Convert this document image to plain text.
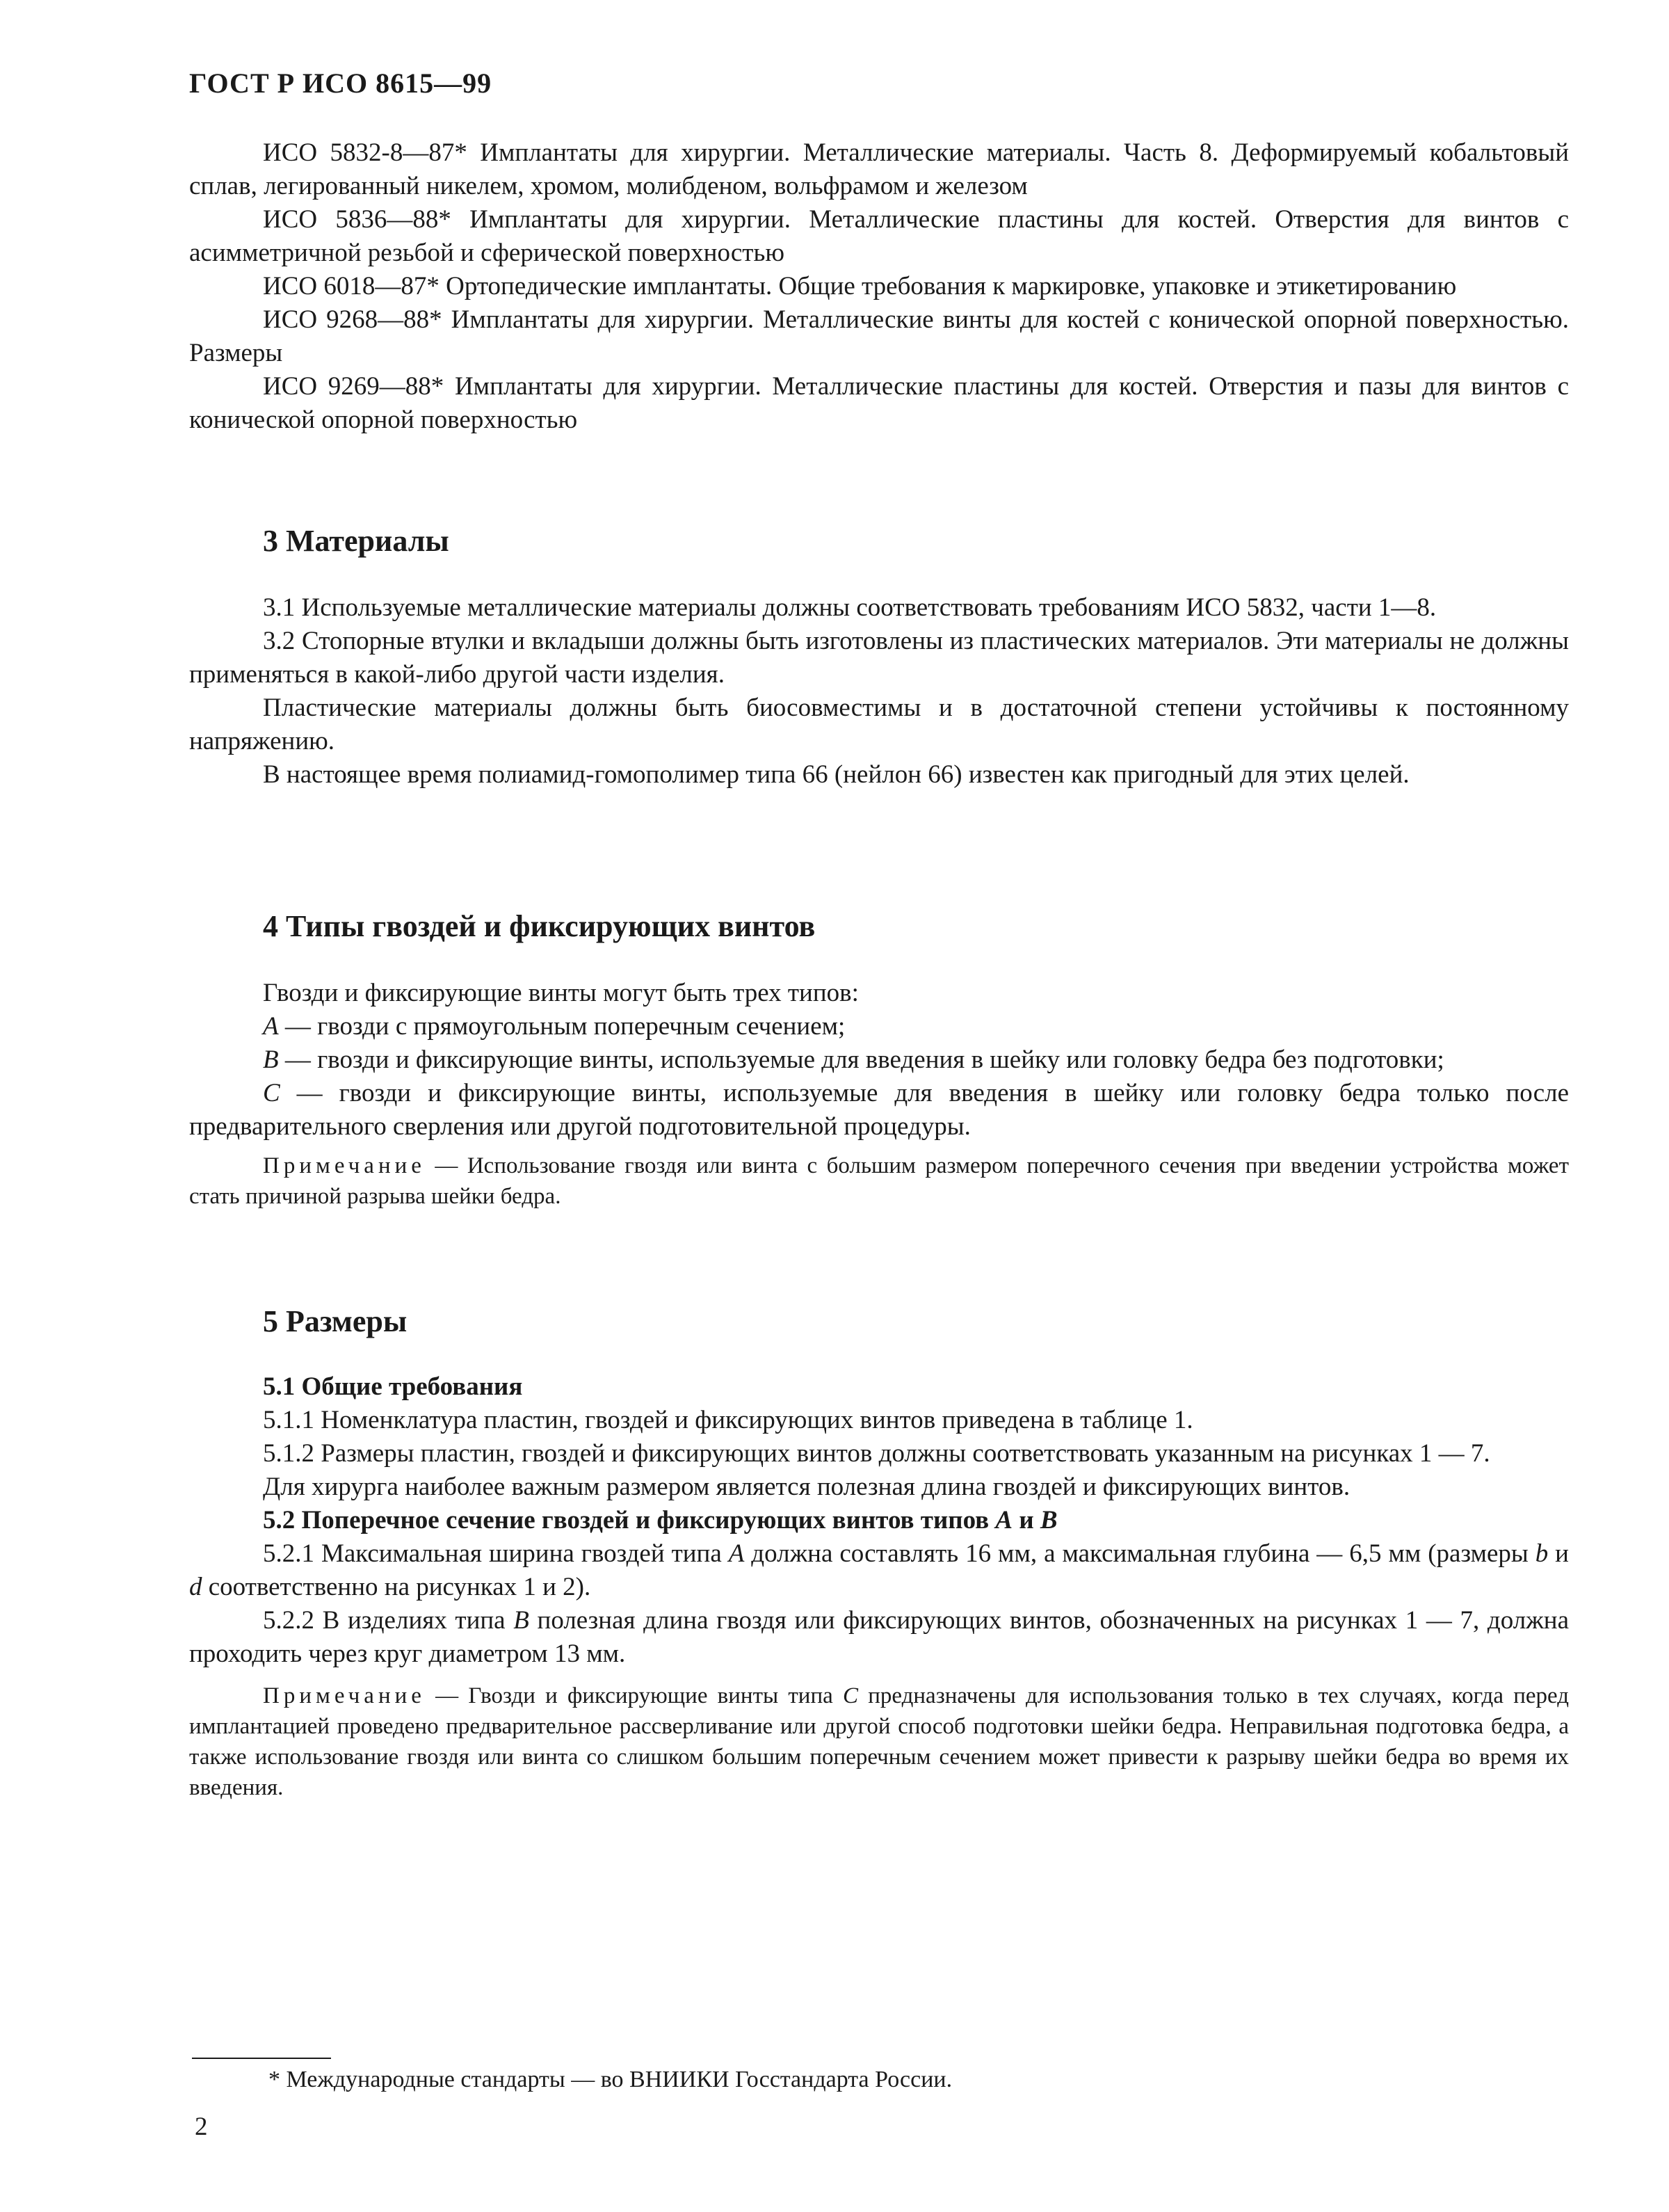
ГОСТ Р ИСО 8615—99

ИСО 5832-8—87* Имплантаты для хирургии. Металлические материалы. Часть 8. Деформируемый кобальтовый сплав, легированный никелем, хромом, молибденом, вольфрамом и железом

ИСО 5836—88* Имплантаты для хирургии. Металлические пластины для костей. Отверстия для винтов с асимметричной резьбой и сферической поверхностью

ИСО 6018—87* Ортопедические имплантаты. Общие требования к маркировке, упаковке и этикетированию

ИСО 9268—88* Имплантаты для хирургии. Металлические винты для костей с конической опорной поверхностью. Размеры

ИСО 9269—88* Имплантаты для хирургии. Металлические пластины для костей. Отверстия и пазы для винтов с конической опорной поверхностью

3 Материалы

3.1 Используемые металлические материалы должны соответствовать требованиям ИСО 5832, части 1—8.

3.2 Стопорные втулки и вкладыши должны быть изготовлены из пластических материалов. Эти материалы не должны применяться в какой-либо другой части изделия.

Пластические материалы должны быть биосовместимы и в достаточной степени устойчивы к постоянному напряжению.

В настоящее время полиамид-гомополимер типа 66 (нейлон 66) известен как пригодный для этих целей.

4 Типы гвоздей и фиксирующих винтов

Гвозди и фиксирующие винты могут быть трех типов:

A — гвозди с прямоугольным поперечным сечением;

B — гвозди и фиксирующие винты, используемые для введения в шейку или головку бедра без подготовки;

C — гвозди и фиксирующие винты, используемые для введения в шейку или головку бедра только после предварительного сверления или другой подготовительной процедуры.

Примечание — Использование гвоздя или винта с большим размером поперечного сечения при введении устройства может стать причиной разрыва шейки бедра.

5 Размеры

5.1 Общие требования

5.1.1 Номенклатура пластин, гвоздей и фиксирующих винтов приведена в таблице 1.

5.1.2 Размеры пластин, гвоздей и фиксирующих винтов должны соответствовать указанным на рисунках 1 — 7.

Для хирурга наиболее важным размером является полезная длина гвоздей и фиксирующих винтов.

5.2 Поперечное сечение гвоздей и фиксирующих винтов типов A и B

5.2.1 Максимальная ширина гвоздей типа A должна составлять 16 мм, а максимальная глубина — 6,5 мм (размеры b и d соответственно на рисунках 1 и 2).

5.2.2 В изделиях типа B полезная длина гвоздя или фиксирующих винтов, обозначенных на рисунках 1 — 7, должна проходить через круг диаметром 13 мм.

Примечание — Гвозди и фиксирующие винты типа C предназначены для использования только в тех случаях, когда перед имплантацией проведено предварительное рассверливание или другой способ подготовки шейки бедра. Неправильная подготовка бедра, а также использование гвоздя или винта со слишком большим поперечным сечением может привести к разрыву шейки бедра во время их введения.

* Международные стандарты — во ВНИИКИ Госстандарта России.
2
